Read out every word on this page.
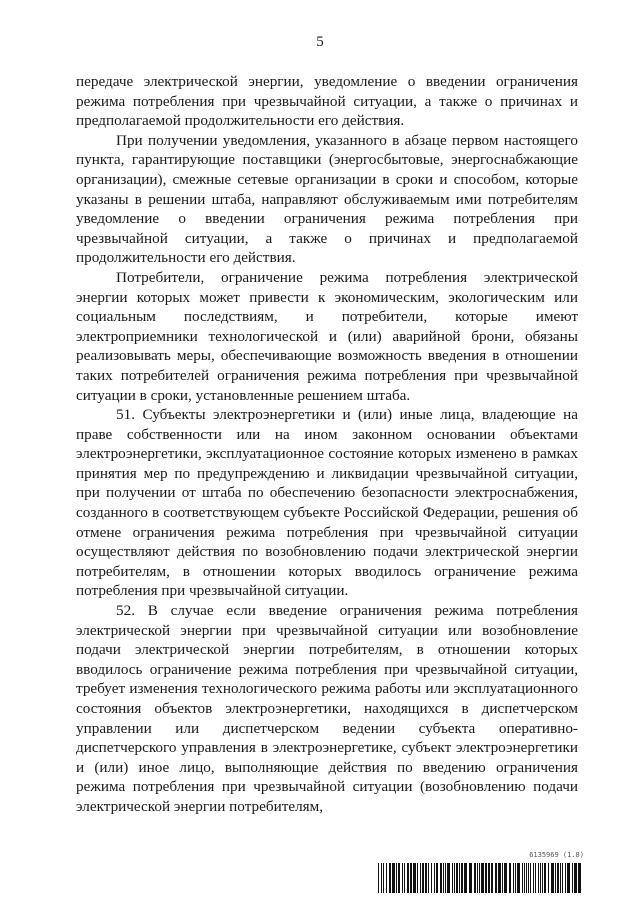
5

передаче электрической энергии, уведомление о введении ограничения режима потребления при чрезвычайной ситуации, а также о причинах и предполагаемой продолжительности его действия.

При получении уведомления, указанного в абзаце первом настоящего пункта, гарантирующие поставщики (энергосбытовые, энергоснабжающие организации), смежные сетевые организации в сроки и способом, которые указаны в решении штаба, направляют обслуживаемым ими потребителям уведомление о введении ограничения режима потребления при чрезвычайной ситуации, а также о причинах и предполагаемой продолжительности его действия.

Потребители, ограничение режима потребления электрической энергии которых может привести к экономическим, экологическим или социальным последствиям, и потребители, которые имеют электроприемники технологической и (или) аварийной брони, обязаны реализовывать меры, обеспечивающие возможность введения в отношении таких потребителей ограничения режима потребления при чрезвычайной ситуации в сроки, установленные решением штаба.

51. Субъекты электроэнергетики и (или) иные лица, владеющие на праве собственности или на ином законном основании объектами электроэнергетики, эксплуатационное состояние которых изменено в рамках принятия мер по предупреждению и ликвидации чрезвычайной ситуации, при получении от штаба по обеспечению безопасности электроснабжения, созданного в соответствующем субъекте Российской Федерации, решения об отмене ограничения режима потребления при чрезвычайной ситуации осуществляют действия по возобновлению подачи электрической энергии потребителям, в отношении которых вводилось ограничение режима потребления при чрезвычайной ситуации.

52. В случае если введение ограничения режима потребления электрической энергии при чрезвычайной ситуации или возобновление подачи электрической энергии потребителям, в отношении которых вводилось ограничение режима потребления при чрезвычайной ситуации, требует изменения технологического режима работы или эксплуатационного состояния объектов электроэнергетики, находящихся в диспетчерском управлении или диспетчерском ведении субъекта оперативно-диспетчерского управления в электроэнергетике, субъект электроэнергетики и (или) иное лицо, выполняющие действия по введению ограничения режима потребления при чрезвычайной ситуации (возобновлению подачи электрической энергии потребителям,

6135969 (1.8)
